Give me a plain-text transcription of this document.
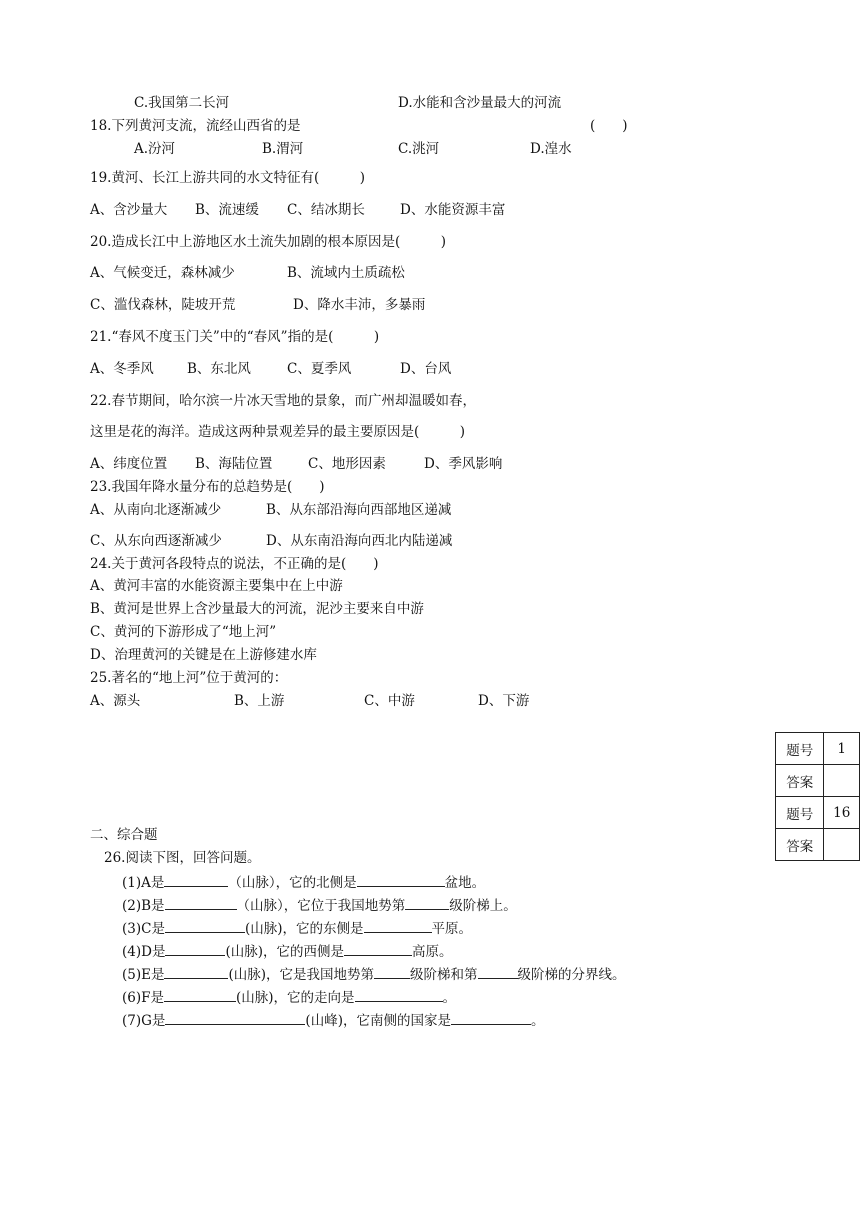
C.我国第二长河	D.水能和含沙量最大的河流
18.下列黄河支流，流经山西省的是	(　　)
A.汾河	B.渭河	C.洮河	D.湟水
19.黄河、长江上游共同的水文特征有(　　　)
A、含沙量大 B、流速缓 C、结冰期长	D、水能资源丰富
20.造成长江中上游地区水土流失加剧的根本原因是(　　　)
A、气候变迁，森林减少	B、流域内土质疏松
C、滥伐森林，陡坡开荒	D、降水丰沛，多暴雨
21.“春风不度玉门关”中的“春风”指的是(　　　)
A、冬季风 B、东北风	C、夏季风	D、台风
22.春节期间，哈尔滨一片冰天雪地的景象，而广州却温暖如春，
这里是花的海洋。造成这两种景观差异的最主要原因是(　　　)
A、纬度位置 B、海陆位置	C、地形因素	D、季风影响
23.我国年降水量分布的总趋势是(　　)
A、从南向北逐渐减少	B、从东部沿海向西部地区递减
C、从东向西逐渐减少	D、从东南沿海向西北内陆递减
24.关于黄河各段特点的说法，不正确的是(　　)
A、黄河丰富的水能资源主要集中在上中游
B、黄河是世界上含沙量最大的河流，泥沙主要来自中游
C、黄河的下游形成了“地上河”
D、治理黄河的关键是在上游修建水库
25.著名的“地上河”位于黄河的：
A、源头	B、上游	C、中游	D、下游
题号	1
答案	
题号	16
答案	
二、综合题
26.阅读下图，回答问题。
(1)A是	（山脉），它的北侧是	盆地。
(2)B是	（山脉），它位于我国地势第	级阶梯上。
(3)C是	(山脉)，它的东侧是	平原。
(4)D是	(山脉)，它的西侧是	高原。
(5)E是	(山脉)，它是我国地势第	级阶梯和第	级阶梯的分界线。
(6)F是	(山脉)，它的走向是	。
(7)G是	(山峰)，它南侧的国家是	。
